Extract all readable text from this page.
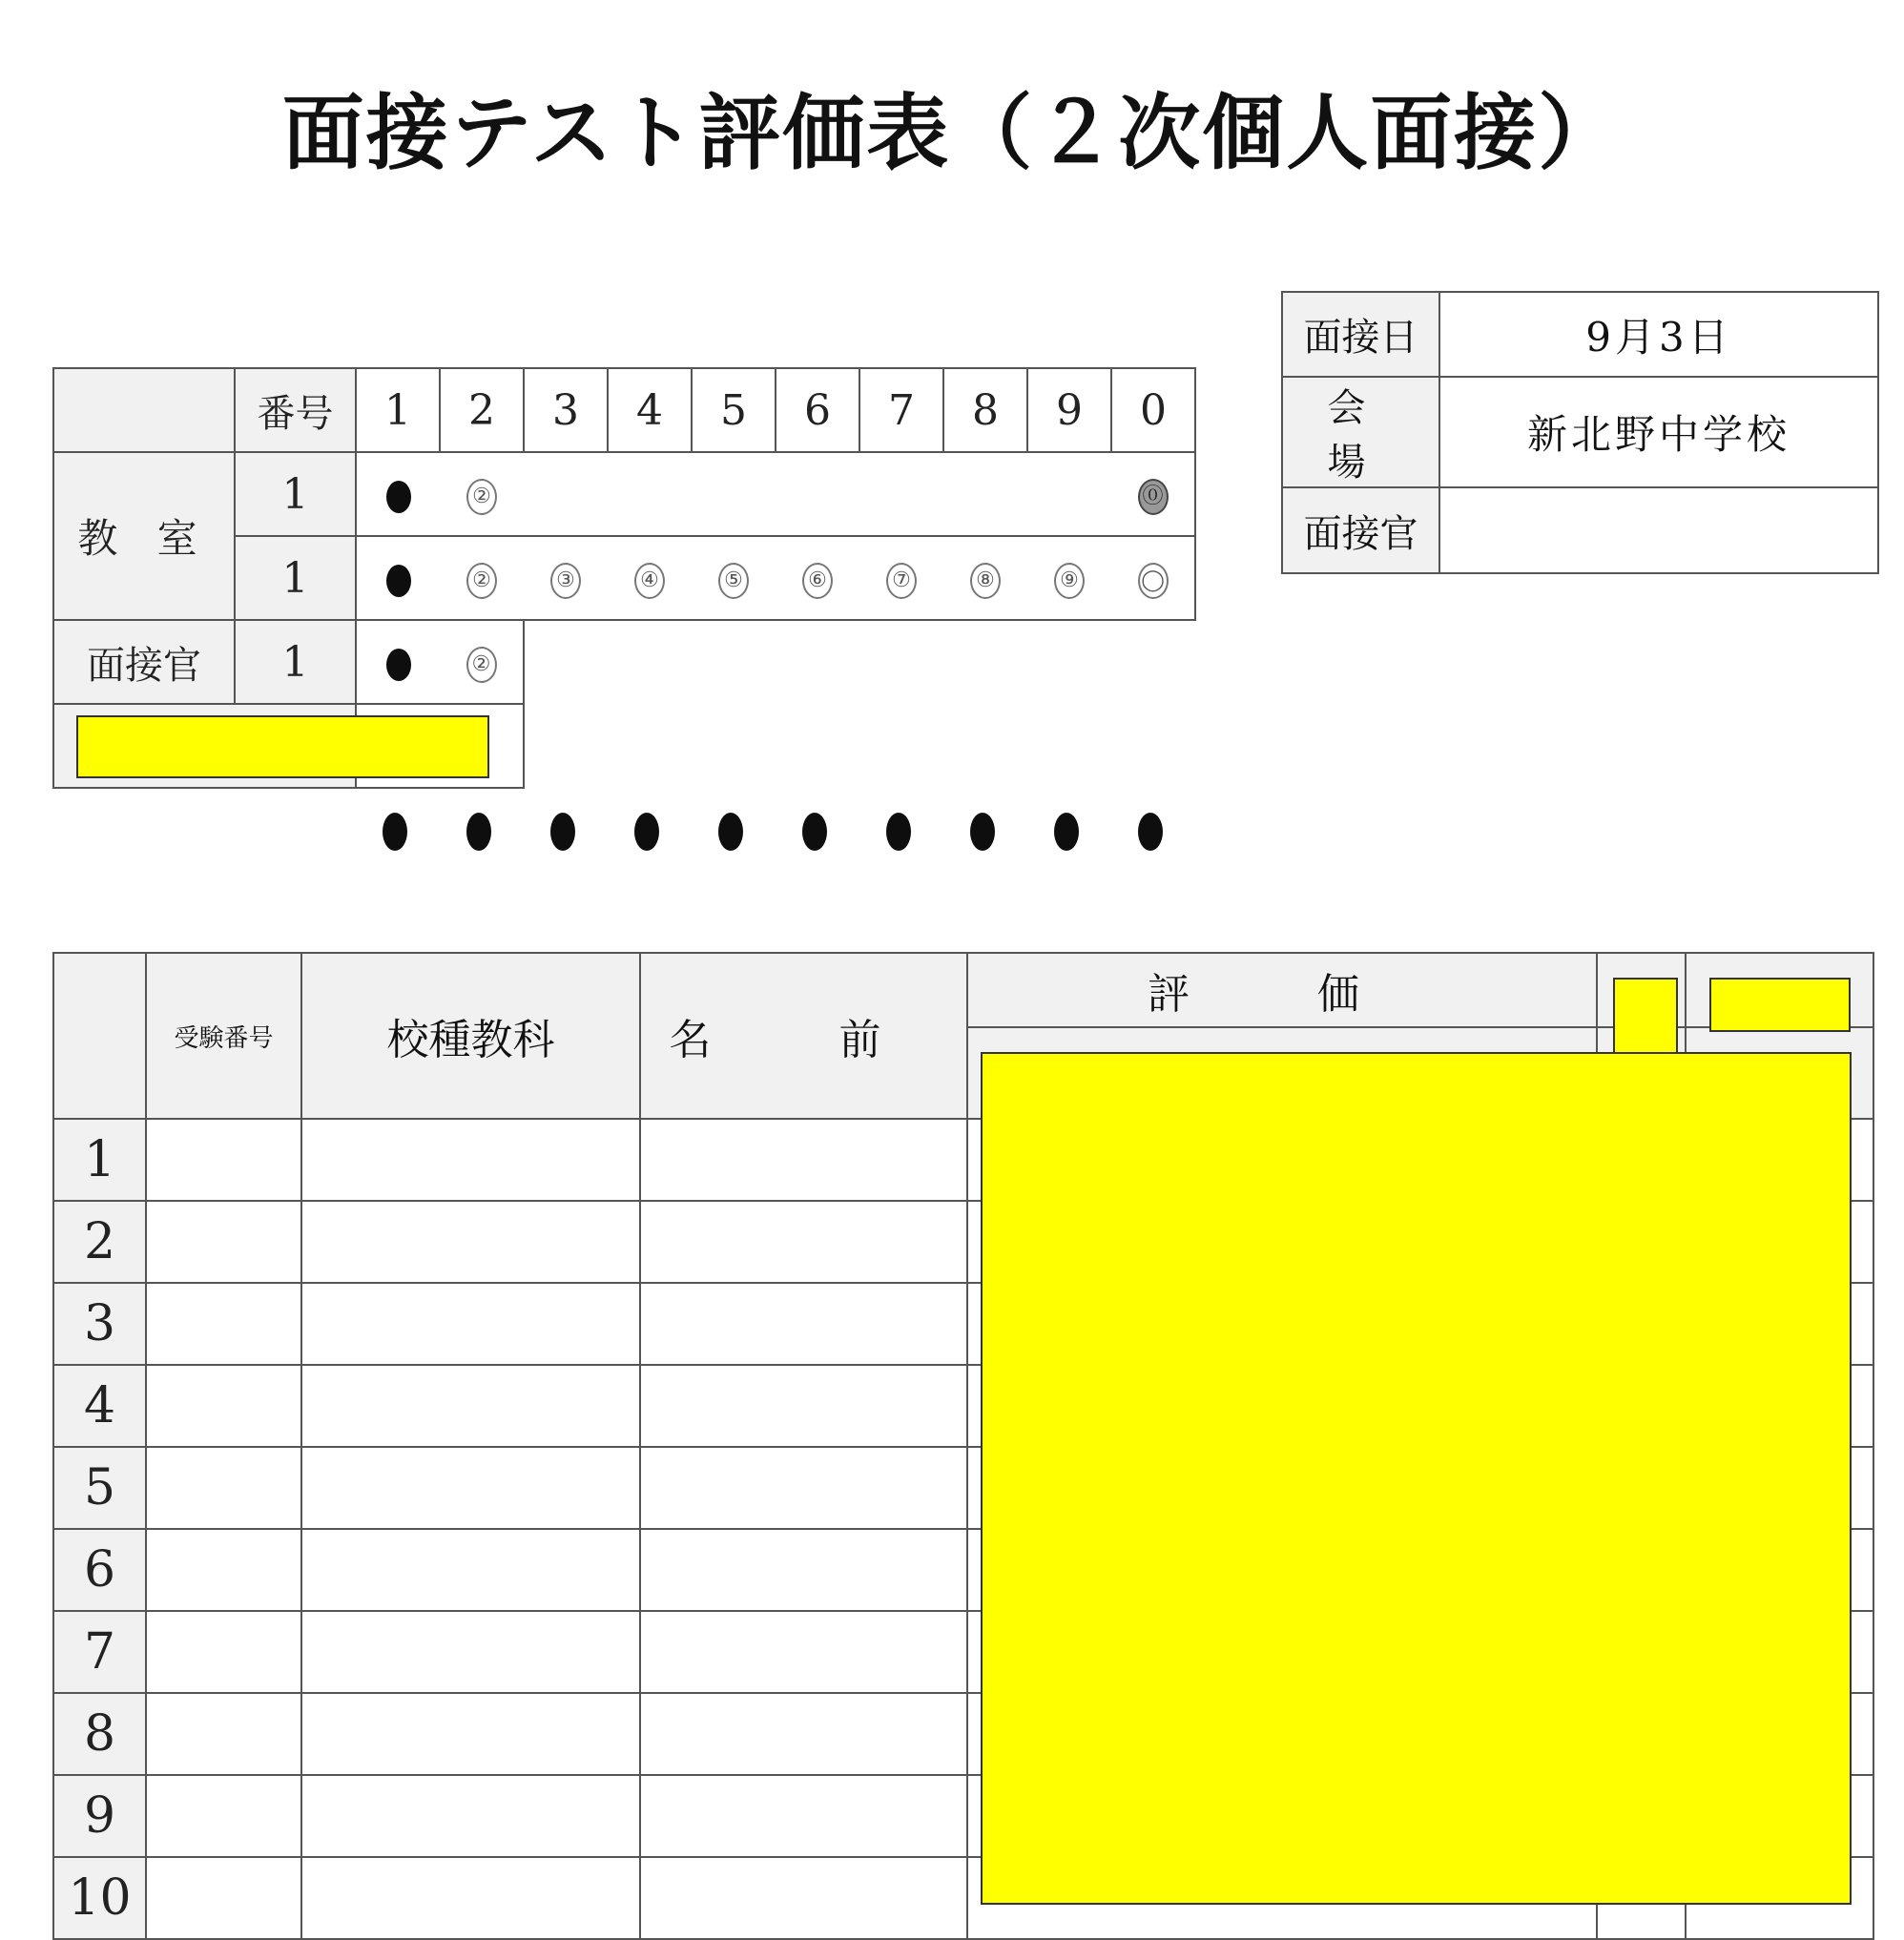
面接テスト評価表（２次個人面接）
	番号	1	2	3	4	5	6	7	8	9	0
教 室	1		②								⓪
	1		②	③	④	⑤	⑥	⑦	⑧	⑨	◯
面接官	1		②								

面接日	9月3日
会 場	新北野中学校
面接官	
	受験番号	校種教科	名 前	評 価		

1						
2						
3						
4						
5						
6						
7						
8						
9						
10						
